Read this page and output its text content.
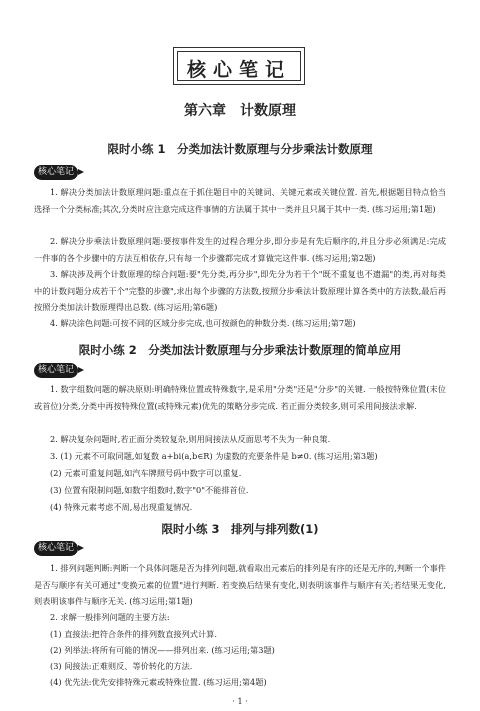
核心笔记
第六章　计数原理
限时小练 1　分类加法计数原理与分步乘法计数原理
核心笔记
1. 解决分类加法计数原理问题:重点在于抓住题目中的关键词、关键元素或关键位置. 首先,根据题目特点恰当选择一个分类标准;其次,分类时应注意完成这件事情的方法属于其中一类并且只属于其中一类. (练习运用;第1题)
2. 解决分步乘法计数原理问题:要按事件发生的过程合理分步,即分步是有先后顺序的,并且分步必须满足:完成一件事的各个步骤中的方法互相依存,只有每一个步骤都完成才算做完这件事. (练习运用;第2题)
3. 解决涉及两个计数原理的综合问题:要"先分类,再分步",即先分为若干个"既不重复也不遗漏"的类,再对每类中的计数问题分成若干个"完整的步骤",求出每个步骤的方法数,按照分步乘法计数原理计算各类中的方法数,最后再按照分类加法计数原理得出总数. (练习运用;第6题)
4. 解决涂色问题:可按不同的区域分步完成,也可按颜色的种数分类. (练习运用;第7题)
限时小练 2　分类加法计数原理与分步乘法计数原理的简单应用
核心笔记
1. 数字组数问题的解决原则:明确特殊位置或特殊数字,是采用"分类"还是"分步"的关键. 一般按特殊位置(末位或首位)分类,分类中再按特殊位置(或特殊元素)优先的策略分步完成. 若正面分类较多,则可采用间接法求解.
2. 解决复杂问题时,若正面分类较复杂,则用间接法从反面思考不失为一种良策.
3. (1) 元素不可取同题,如复数 a+bi(a,b∈R) 为虚数的充要条件是 b≠0. (练习运用;第3题)
(2) 元素可重复问题,如汽车牌照号码中数字可以重复.
(3) 位置有限制问题,如数字组数时,数字"0"不能排首位.
(4) 特殊元素考虑不周,易出现重复情况.
限时小练 3　排列与排列数(1)
核心笔记
1. 排列问题判断:判断一个具体问题是否为排列问题,就看取出元素后的排列是有序的还是无序的,判断一个事件是否与顺序有关可通过"变换元素的位置"进行判断. 若变换后结果有变化,则表明该事件与顺序有关;若结果无变化,则表明该事件与顺序无关. (练习运用;第1题)
2. 求解一般排列问题的主要方法:
(1) 直接法:把符合条件的排列数直接列式计算.
(2) 列举法:将所有可能的情况——排列出来. (练习运用;第3题)
(3) 间接法:正难则反、等价转化的方法.
(4) 优先法:优先安排特殊元素或特殊位置. (练习运用;第4题)
· 1 ·
